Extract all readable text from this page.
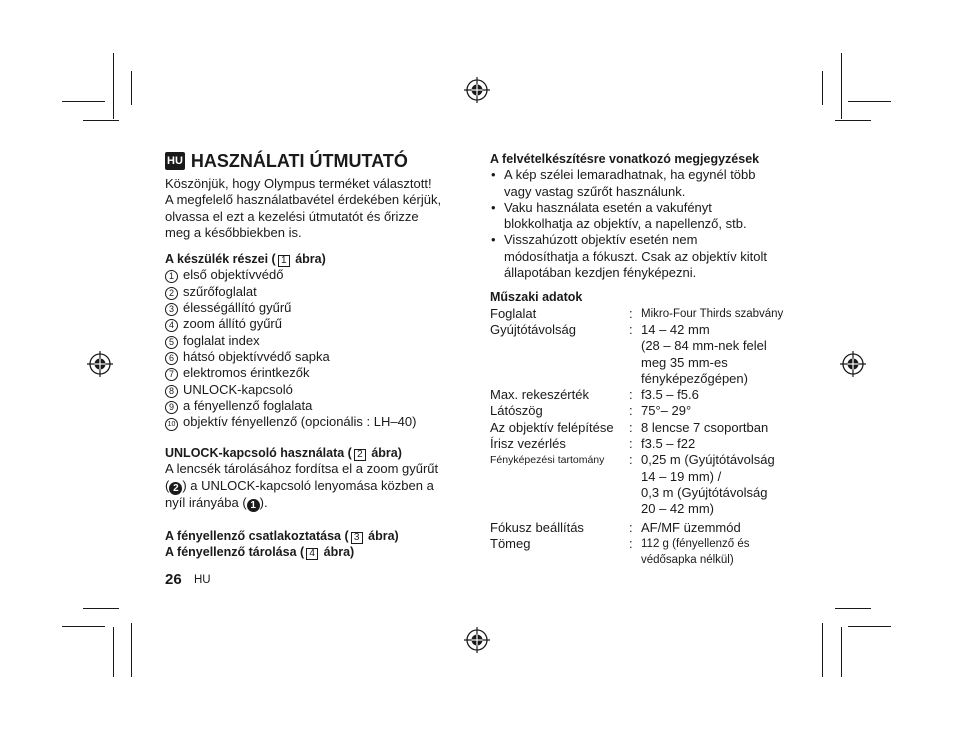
HU HASZNÁLATI ÚTMUTATÓ
Köszönjük, hogy Olympus terméket választott!
A megfelelő használatbavétel érdekében kérjük,
olvassa el ezt a kezelési útmutatót és őrizze
meg a későbbiekben is.
A készülék részei ( 1 ábra)
1 első objektívvédő
2 szűrőfoglalat
3 élességállító gyűrű
4 zoom állító gyűrű
5 foglalat index
6 hátsó objektívvédő sapka
7 elektromos érintkezők
8 UNLOCK-kapcsoló
9 a fényellenző foglalata
10 objektív fényellenző (opcionális : LH–40)
UNLOCK-kapcsoló használata ( 2 ábra)
A lencsék tárolásához fordítsa el a zoom gyűrűt
( 2 ) a UNLOCK-kapcsoló lenyomása közben a
nyíl irányába ( 1 ).
A fényellenző csatlakoztatása ( 3 ábra)
A fényellenző tárolása ( 4 ábra)
26 HU
A felvételkészítésre vonatkozó megjegyzések
• A kép szélei lemaradhatnak, ha egynél több
vagy vastag szűrőt használunk.
• Vaku használata esetén a vakufényt
blokkolhatja az objektív, a napellenző, stb.
• Visszahúzott objektív esetén nem
módosíthatja a fókuszt. Csak az objektív kitolt
állapotában kezdjen fényképezni.
Műszaki adatok
Foglalat	: Mikro-Four Thirds szabvány
Gyújtótávolság	: 14 – 42 mm
(28 – 84 mm-nek felel
meg 35 mm-es
fényképezőgépen)
Max. rekeszérték	: f3.5 – f5.6
Látószög	: 75°– 29°
Az objektív felépítése	: 8 lencse 7 csoportban
Írisz vezérlés	: f3.5 – f22
Fényképezési tartomány	: 0,25 m (Gyújtótávolság
14 – 19 mm) /
0,3 m (Gyújtótávolság
20 – 42 mm)
Fókusz beállítás	: AF/MF üzemmód
Tömeg	: 112 g (fényellenző és
védősapka nélkül)
